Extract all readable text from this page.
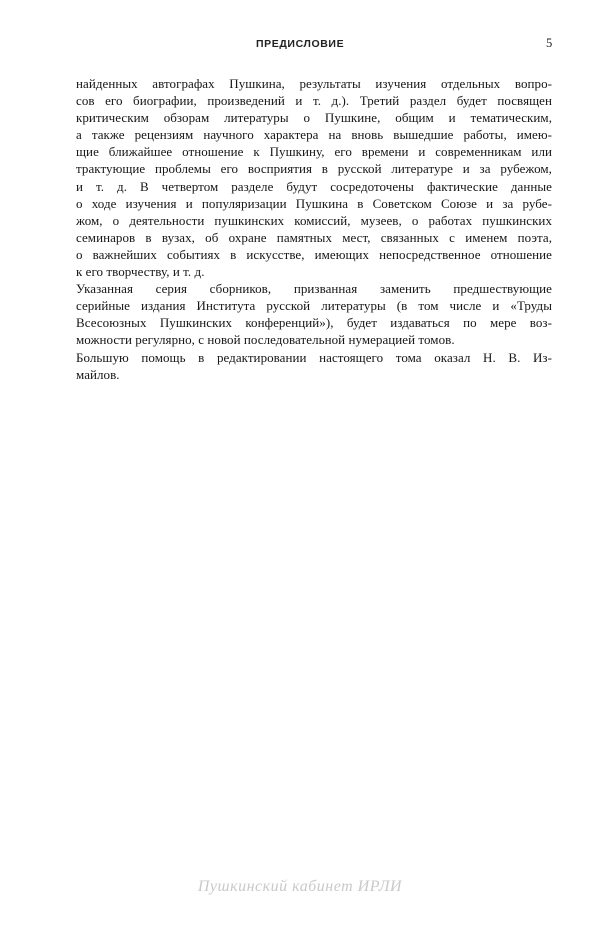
ПРЕДИСЛОВИЕ	5
найденных автографах Пушкина, результаты изучения отдельных вопро-
сов его биографии, произведений и т. д.). Третий раздел будет посвящен
критическим обзорам литературы о Пушкине, общим и тематическим,
а также рецензиям научного характера на вновь вышедшие работы, имею-
щие ближайшее отношение к Пушкину, его времени и современникам или
трактующие проблемы его восприятия в русской литературе и за рубежом,
и т. д. В четвертом разделе будут сосредоточены фактические данные
о ходе изучения и популяризации Пушкина в Советском Союзе и за рубе-
жом, о деятельности пушкинских комиссий, музеев, о работах пушкинских
семинаров в вузах, об охране памятных мест, связанных с именем поэта,
о важнейших событиях в искусстве, имеющих непосредственное отношение
к его творчеству, и т. д.
Указанная серия сборников, призванная заменить предшествующие
серийные издания Института русской литературы (в том числе и «Труды
Всесоюзных Пушкинских конференций»), будет издаваться по мере воз-
можности регулярно, с новой последовательной нумерацией томов.
Большую помощь в редактировании настоящего тома оказал Н. В. Из-
майлов.
Пушкинский кабинет ИРЛИ
